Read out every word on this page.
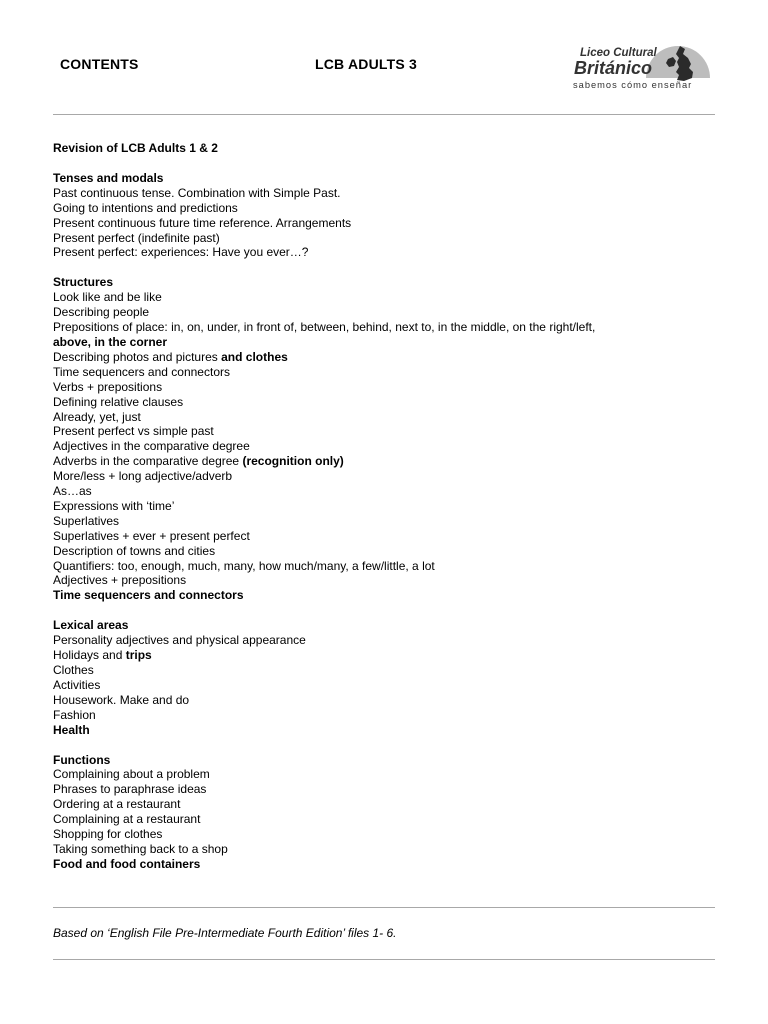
CONTENTS	LCB ADULTS 3
Liceo Cultural
Británico
sabemos cómo enseñar

Revision of LCB Adults 1 & 2

Tenses and modals

Past continuous tense. Combination with Simple Past.

Going to intentions and predictions

Present continuous future time reference. Arrangements

Present perfect (indefinite past)

Present perfect: experiences: Have you ever…?

Structures

Look like and be like

Describing people

Prepositions of place: in, on, under, in front of, between, behind, next to, in the middle, on the right/left,

above, in the corner

Describing photos and pictures and clothes

Time sequencers and connectors

Verbs + prepositions

Defining relative clauses

Already, yet, just

Present perfect vs simple past

Adjectives in the comparative degree

Adverbs in the comparative degree (recognition only)

More/less + long adjective/adverb

As…as

Expressions with ‘time’

Superlatives

Superlatives + ever + present perfect

Description of towns and cities

Quantifiers: too, enough, much, many, how much/many, a few/little, a lot

Adjectives + prepositions

Time sequencers and connectors

Lexical areas

Personality adjectives and physical appearance

Holidays and trips

Clothes

Activities

Housework. Make and do

Fashion

Health

Functions

Complaining about a problem

Phrases to paraphrase ideas

Ordering at a restaurant

Complaining at a restaurant

Shopping for clothes

Taking something back to a shop

Food and food containers

Based on ‘English File Pre-Intermediate Fourth Edition’ files 1- 6.
